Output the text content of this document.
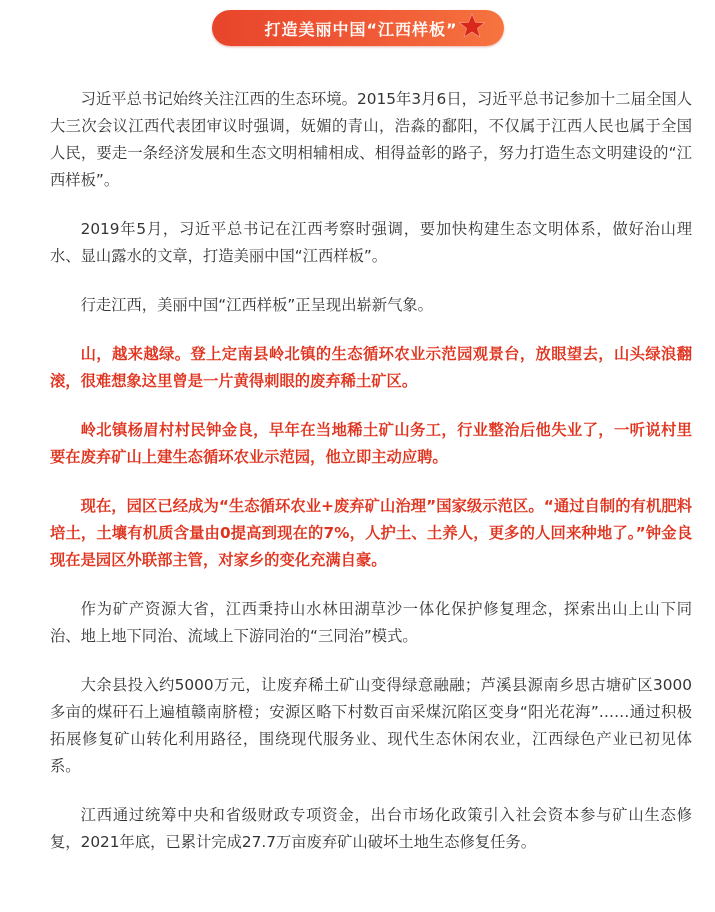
打造美丽中国“江西样板”

习近平总书记始终关注江西的生态环境。2015年3月6日，习近平总书记参加十二届全国人大三次会议江西代表团审议时强调，妩媚的青山，浩淼的鄱阳，不仅属于江西人民也属于全国人民，要走一条经济发展和生态文明相辅相成、相得益彰的路子，努力打造生态文明建设的“江西样板”。

2019年5月，习近平总书记在江西考察时强调，要加快构建生态文明体系，做好治山理水、显山露水的文章，打造美丽中国“江西样板”。

行走江西，美丽中国“江西样板”正呈现出崭新气象。

山，越来越绿。登上定南县岭北镇的生态循环农业示范园观景台，放眼望去，山头绿浪翻滚，很难想象这里曾是一片黄得刺眼的废弃稀土矿区。

岭北镇杨眉村村民钟金良，早年在当地稀土矿山务工，行业整治后他失业了，一听说村里要在废弃矿山上建生态循环农业示范园，他立即主动应聘。

现在，园区已经成为“生态循环农业+废弃矿山治理”国家级示范区。“通过自制的有机肥料培土，土壤有机质含量由0提高到现在的7%，人护土、土养人，更多的人回来种地了。”钟金良现在是园区外联部主管，对家乡的变化充满自豪。

作为矿产资源大省，江西秉持山水林田湖草沙一体化保护修复理念，探索出山上山下同治、地上地下同治、流域上下游同治的“三同治”模式。

大余县投入约5000万元，让废弃稀土矿山变得绿意融融；芦溪县源南乡思古塘矿区3000多亩的煤矸石上遍植赣南脐橙；安源区略下村数百亩采煤沉陷区变身“阳光花海”……通过积极拓展修复矿山转化利用路径，围绕现代服务业、现代生态休闲农业，江西绿色产业已初见体系。

江西通过统筹中央和省级财政专项资金，出台市场化政策引入社会资本参与矿山生态修复，2021年底，已累计完成27.7万亩废弃矿山破坏土地生态修复任务。
